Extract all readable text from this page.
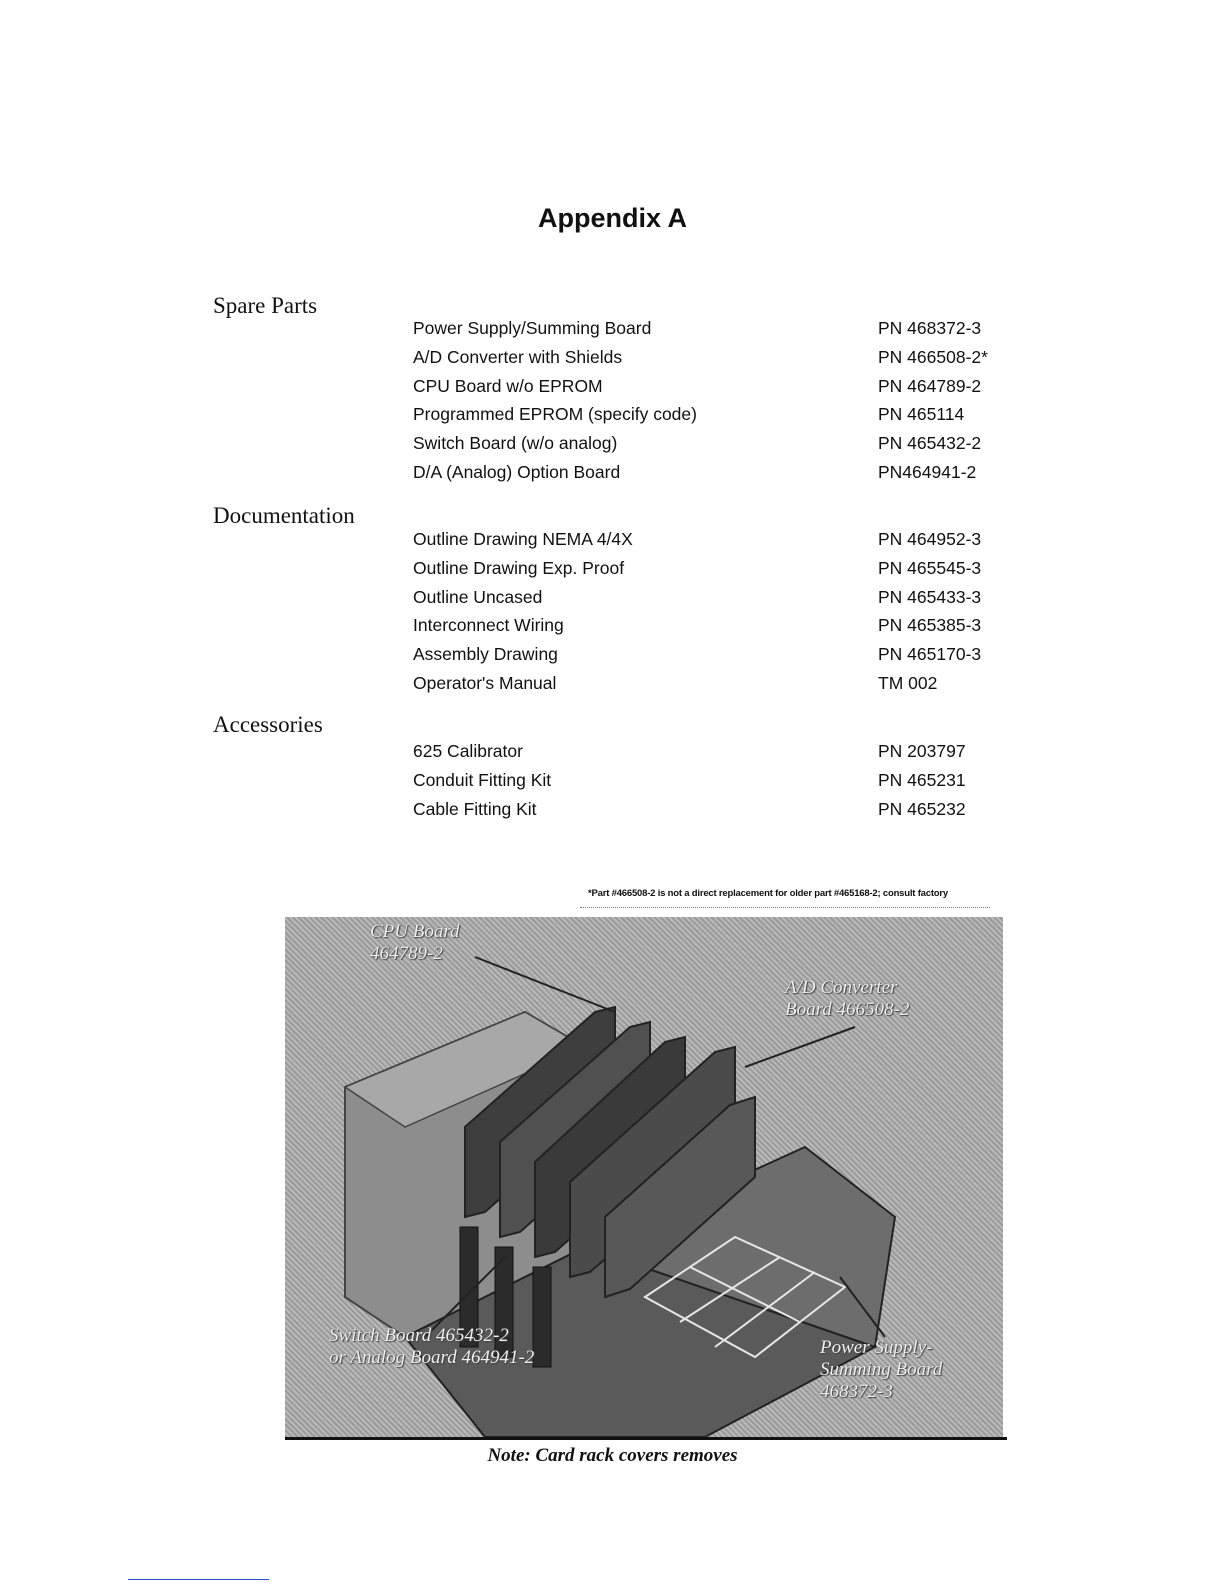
Appendix A
Spare Parts
Power Supply/Summing Board	PN 468372-3
A/D Converter with Shields	PN 466508-2*
CPU Board w/o EPROM	PN 464789-2
Programmed EPROM (specify code)	PN 465114
Switch Board (w/o analog)	PN 465432-2
D/A (Analog) Option Board	PN464941-2
Documentation
Outline Drawing NEMA 4/4X	PN 464952-3
Outline Drawing Exp. Proof	PN 465545-3
Outline Uncased	PN 465433-3
Interconnect Wiring	PN 465385-3
Assembly Drawing	PN 465170-3
Operator's Manual	TM 002
Accessories
625 Calibrator	PN 203797
Conduit Fitting Kit	PN 465231
Cable Fitting Kit	PN 465232
*Part #466508-2 is not a direct replacement for older part #465168-2; consult factory
CPU Board
464789-2
A/D Converter
Board 466508-2
Switch Board 465432-2
or Analog Board 464941-2	Power Supply-
Summing Board
468372-3
Note: Card rack covers removes
